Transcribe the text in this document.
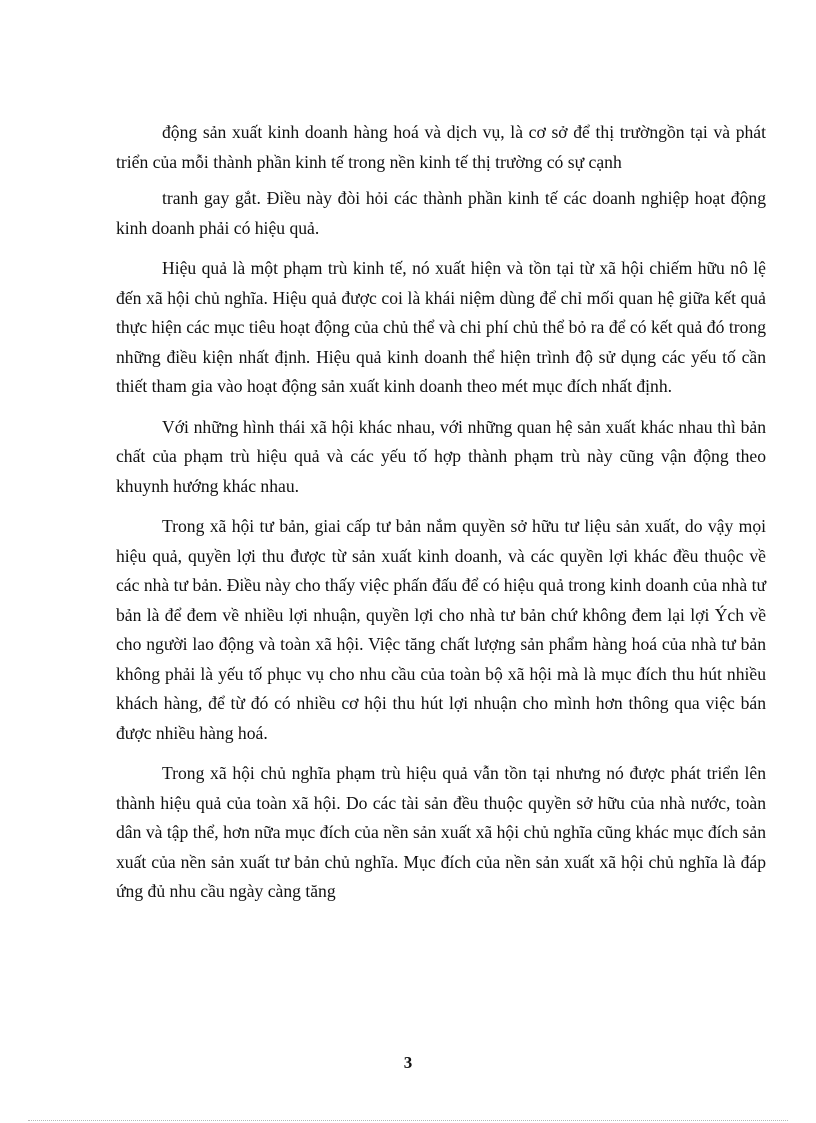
động sản xuất kinh doanh hàng hoá và dịch vụ, là cơ sở để thị trườngồn tại và phát triển của mỗi thành phần kinh tế trong nền kinh tế thị trường có sự cạnh

tranh gay gắt. Điều này đòi hỏi các thành phần kinh tế các doanh nghiệp hoạt động kinh doanh phải có hiệu quả.

Hiệu quả là một phạm trù kinh tế, nó xuất hiện và tồn tại từ xã hội chiếm hữu nô lệ đến xã hội chủ nghĩa. Hiệu quả được coi là khái niệm dùng để chỉ mối quan hệ giữa kết quả thực hiện các mục tiêu hoạt động của chủ thể và chi phí chủ thể bỏ ra để có kết quả đó trong những điều kiện nhất định. Hiệu quả kinh doanh thể hiện trình độ sử dụng các yếu tố cần thiết tham gia vào hoạt động sản xuất kinh doanh theo mét mục đích nhất định.

Với những hình thái xã hội khác nhau, với những quan hệ sản xuất khác nhau thì bản chất của phạm trù hiệu quả và các yếu tố hợp thành phạm trù này cũng vận động theo khuynh hướng khác nhau.

Trong xã hội tư bản, giai cấp tư bản nắm quyền sở hữu tư liệu sản xuất, do vậy mọi hiệu quả, quyền lợi thu được từ sản xuất kinh doanh, và các quyền lợi khác đều thuộc về các nhà tư bản. Điều này cho thấy việc phấn đấu để có hiệu quả trong kinh doanh của nhà tư bản là để đem về nhiều lợi nhuận, quyền lợi cho nhà tư bản chứ không đem lại lợi Ých về cho người lao động và toàn xã hội. Việc tăng chất lượng sản phẩm hàng hoá của nhà tư bản không phải là yếu tố phục vụ cho nhu cầu của toàn bộ xã hội mà là mục đích thu hút nhiều khách hàng, để từ đó có nhiều cơ hội thu hút lợi nhuận cho mình hơn thông qua việc bán được nhiều hàng hoá.

Trong xã hội chủ nghĩa phạm trù hiệu quả vẫn tồn tại nhưng nó được phát triển lên thành hiệu quả của toàn xã hội. Do các tài sản đều thuộc quyền sở hữu của nhà nước, toàn dân và tập thể, hơn nữa mục đích của nền sản xuất xã hội chủ nghĩa cũng khác mục đích sản xuất của nền sản xuất tư bản chủ nghĩa. Mục đích của nền sản xuất xã hội chủ nghĩa là đáp ứng đủ nhu cầu ngày càng tăng

3
